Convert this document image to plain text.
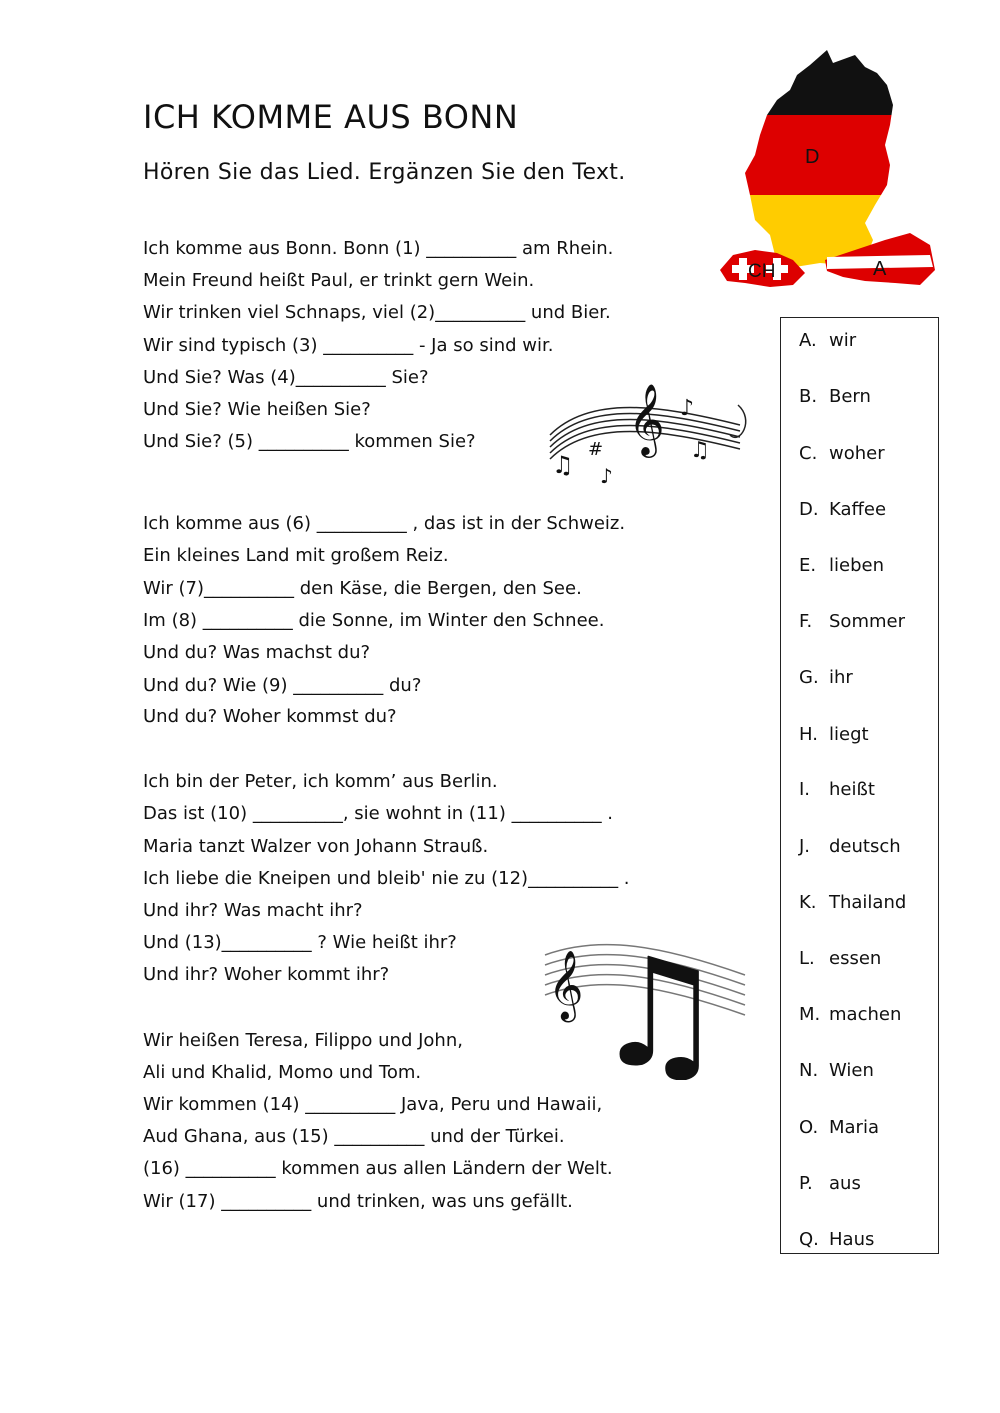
ICH KOMME AUS BONN
Hören Sie das Lied. Ergänzen Sie den Text.
Ich komme aus Bonn. Bonn (1) __________ am Rhein.
Mein Freund heißt Paul, er trinkt gern Wein.
Wir trinken viel Schnaps, viel (2)__________ und Bier.
Wir sind typisch (3) __________ - Ja so sind wir.
Und Sie? Was (4)__________ Sie?
Und Sie? Wie heißen Sie?
Und Sie? (5) __________ kommen Sie?
Ich komme aus (6) __________ , das ist in der Schweiz.
Ein kleines Land mit großem Reiz.
Wir (7)__________ den Käse, die Bergen, den See.
Im (8) __________ die Sonne, im Winter den Schnee.
Und du? Was machst du?
Und du? Wie (9) __________ du?
Und du? Woher kommst du?
Ich bin der Peter, ich komm’ aus Berlin.
Das ist (10) __________, sie wohnt in (11) __________ .
Maria tanzt Walzer von Johann Strauß.
Ich liebe die Kneipen und bleib' nie zu (12)__________ .
Und ihr? Was macht ihr?
Und (13)__________ ? Wie heißt ihr?
Und ihr? Woher kommt ihr?
Wir heißen Teresa, Filippo und John,
Ali und Khalid, Momo und Tom.
Wir kommen (14) __________ Java, Peru und Hawaii,
Aud Ghana, aus (15) __________ und der Türkei.
(16) __________ kommen aus allen Ländern der Welt.
Wir (17) __________ und trinken, was uns gefällt.
D
CH	A
𝄞
♫
#
♪
♫
♪
𝄞 ♫
A. wir
B. Bern
C. woher
D. Kaffee
E. lieben
F. Sommer
G. ihr
H. liegt
I. heißt
J. deutsch
K. Thailand
L. essen
M. machen
N. Wien
O. Maria
P. aus
Q. Haus
